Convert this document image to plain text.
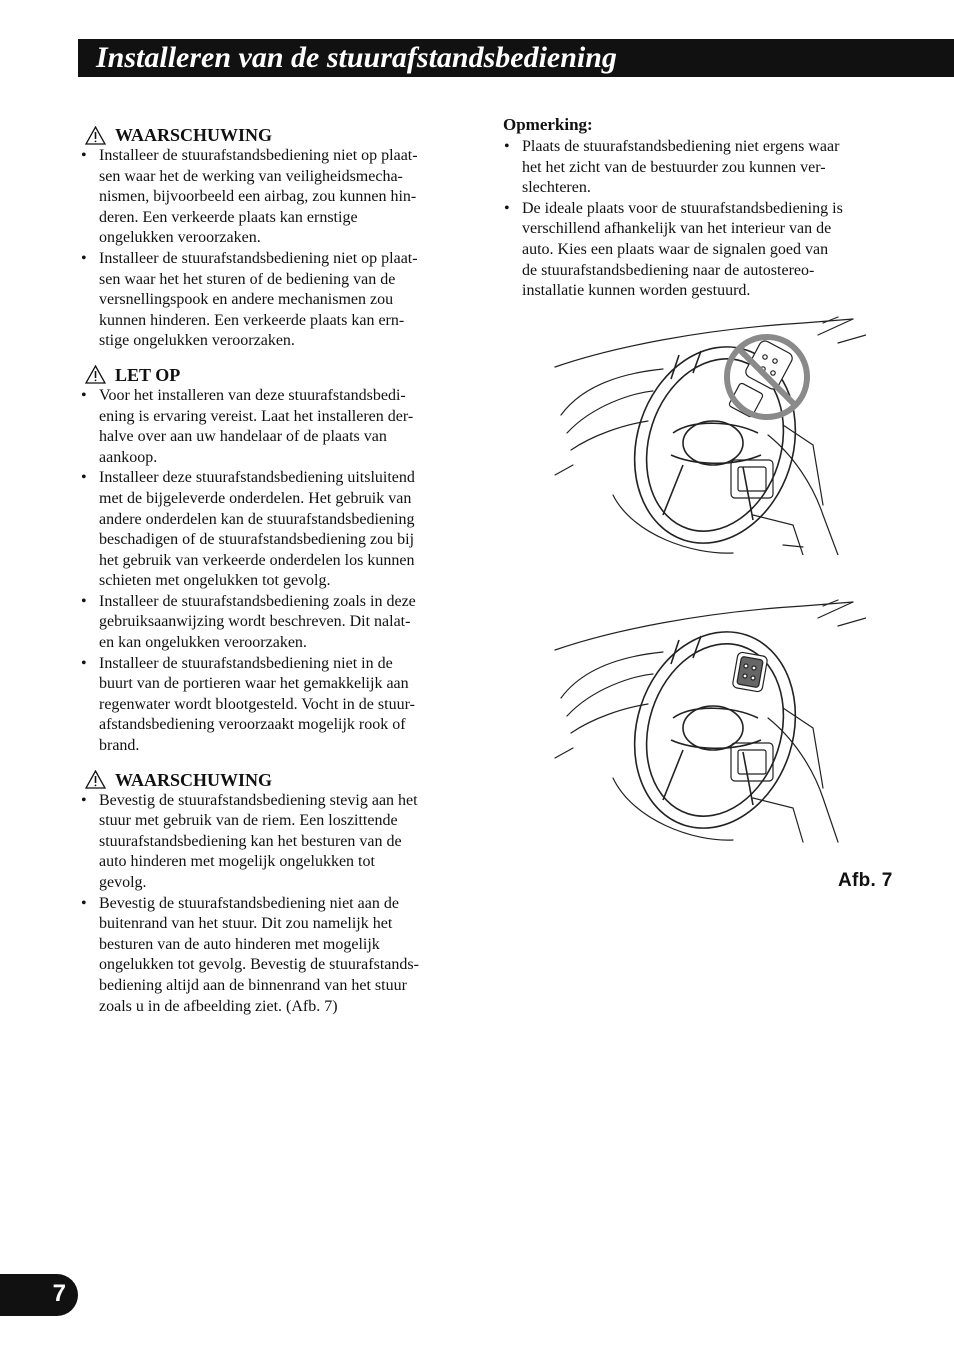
Installeren van de stuurafstandsbediening
WAARSCHUWING
• Installeer de stuurafstandsbediening niet op plaat-
sen waar het de werking van veiligheidsmecha-
nismen, bijvoorbeeld een airbag, zou kunnen hin-
deren. Een verkeerde plaats kan ernstige
ongelukken veroorzaken.
• Installeer de stuurafstandsbediening niet op plaat-
sen waar het het sturen of de bediening van de
versnellingspook en andere mechanismen zou
kunnen hinderen. Een verkeerde plaats kan ern-
stige ongelukken veroorzaken.
LET OP
• Voor het installeren van deze stuurafstandsbedi-
ening is ervaring vereist. Laat het installeren der-
halve over aan uw handelaar of de plaats van
aankoop.
• Installeer deze stuurafstandsbediening uitsluitend
met de bijgeleverde onderdelen. Het gebruik van
andere onderdelen kan de stuurafstandsbediening
beschadigen of de stuurafstandsbediening zou bij
het gebruik van verkeerde onderdelen los kunnen
schieten met ongelukken tot gevolg.
• Installeer de stuurafstandsbediening zoals in deze
gebruiksaanwijzing wordt beschreven. Dit nalat-
en kan ongelukken veroorzaken.
• Installeer de stuurafstandsbediening niet in de
buurt van de portieren waar het gemakkelijk aan
regenwater wordt blootgesteld. Vocht in de stuur-
afstandsbediening veroorzaakt mogelijk rook of
brand.
WAARSCHUWING
• Bevestig de stuurafstandsbediening stevig aan het
stuur met gebruik van de riem. Een loszittende
stuurafstandsbediening kan het besturen van de
auto hinderen met mogelijk ongelukken tot
gevolg.
• Bevestig de stuurafstandsbediening niet aan de
buitenrand van het stuur. Dit zou namelijk het
besturen van de auto hinderen met mogelijk
ongelukken tot gevolg. Bevestig de stuurafstands-
bediening altijd aan de binnenrand van het stuur
zoals u in de afbeelding ziet. (Afb. 7)
Opmerking:
• Plaats de stuurafstandsbediening niet ergens waar
het het zicht van de bestuurder zou kunnen ver-
slechteren.
• De ideale plaats voor de stuurafstandsbediening is
verschillend afhankelijk van het interieur van de
auto. Kies een plaats waar de signalen goed van
de stuurafstandsbediening naar de autostereo-
installatie kunnen worden gestuurd.
Afb. 7
7
